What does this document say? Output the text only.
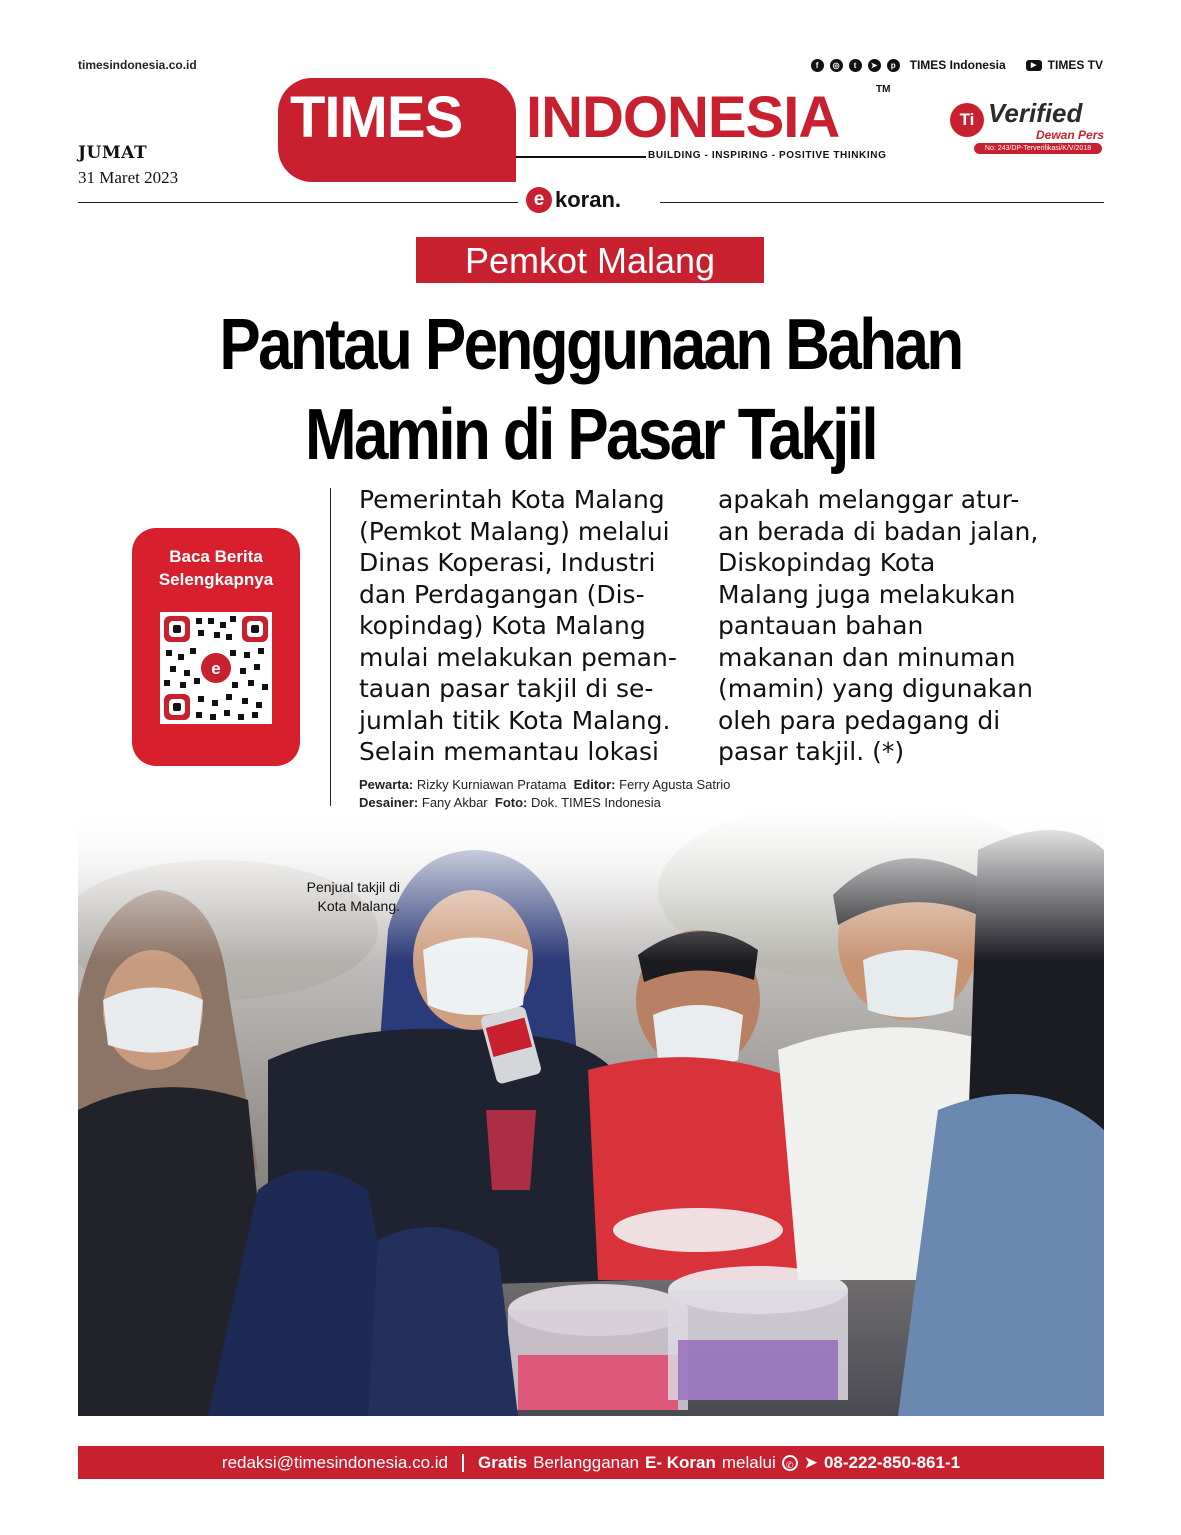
timesindonesia.co.id	f	◎	t	➤	p	TIMES Indonesia	▶ TIMES TV
JUMAT
31 Maret 2023
TIMES INDONESIA	TM
BUILDING - INSPIRING - POSITIVE THINKING
Ti Verified
Dewan Pers
No: 243/DP-Terverifikasi/K/V/2018
e koran.
Pemkot Malang
Pantau Penggunaan Bahan
Mamin di Pasar Takjil
Baca Berita
Selengkapnya
e
Pemerintah Kota Malang
(Pemkot Malang) melalui
Dinas Koperasi, Industri
dan Perdagangan (Dis-
kopindag) Kota Malang
mulai melakukan peman-
tauan pasar takjil di se-
jumlah titik Kota Malang.
Selain memantau lokasi
apakah melanggar atur-
an berada di badan jalan,
Diskopindag Kota
Malang juga melakukan
pantauan bahan
makanan dan minuman
(mamin) yang digunakan
oleh para pedagang di
pasar takjil. (*)
Pewarta: Rizky Kurniawan Pratama Editor: Ferry Agusta Satrio
Desainer: Fany Akbar Foto: Dok. TIMES Indonesia
Penjual takjil di
Kota Malang.
redaksi@timesindonesia.co.id Gratis Berlangganan E- Koran melalui	✆ ➤ 08-222-850-861-1
